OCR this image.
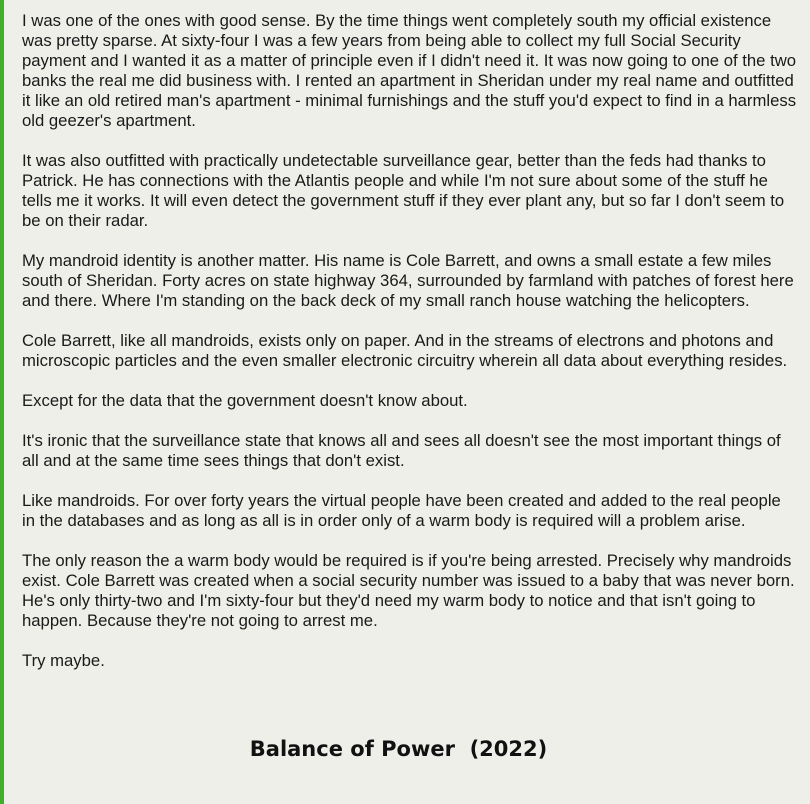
I was one of the ones with good sense. By the time things went completely south my official existence was pretty sparse. At sixty-four I was a few years from being able to collect my full Social Security payment and I wanted it as a matter of principle even if I didn't need it. It was now going to one of the two banks the real me did business with. I rented an apartment in Sheridan under my real name and outfitted it like an old retired man's apartment - minimal furnishings and the stuff you'd expect to find in a harmless old geezer's apartment.

It was also outfitted with practically undetectable surveillance gear, better than the feds had thanks to Patrick. He has connections with the Atlantis people and while I'm not sure about some of the stuff he tells me it works. It will even detect the government stuff if they ever plant any, but so far I don't seem to be on their radar.

My mandroid identity is another matter. His name is Cole Barrett, and owns a small estate a few miles south of Sheridan. Forty acres on state highway 364, surrounded by farmland with patches of forest here and there. Where I'm standing on the back deck of my small ranch house watching the helicopters.

Cole Barrett, like all mandroids, exists only on paper. And in the streams of electrons and photons and microscopic particles and the even smaller electronic circuitry wherein all data about everything resides.

Except for the data that the government doesn't know about.

It's ironic that the surveillance state that knows all and sees all doesn't see the most important things of all and at the same time sees things that don't exist.

Like mandroids. For over forty years the virtual people have been created and added to the real people in the databases and as long as all is in order only of a warm body is required will a problem arise.

The only reason the a warm body would be required is if you're being arrested. Precisely why mandroids exist. Cole Barrett was created when a social security number was issued to a baby that was never born. He's only thirty-two and I'm sixty-four but they'd need my warm body to notice and that isn't going to happen. Because they're not going to arrest me.

Try maybe.

Balance of Power  (2022)
